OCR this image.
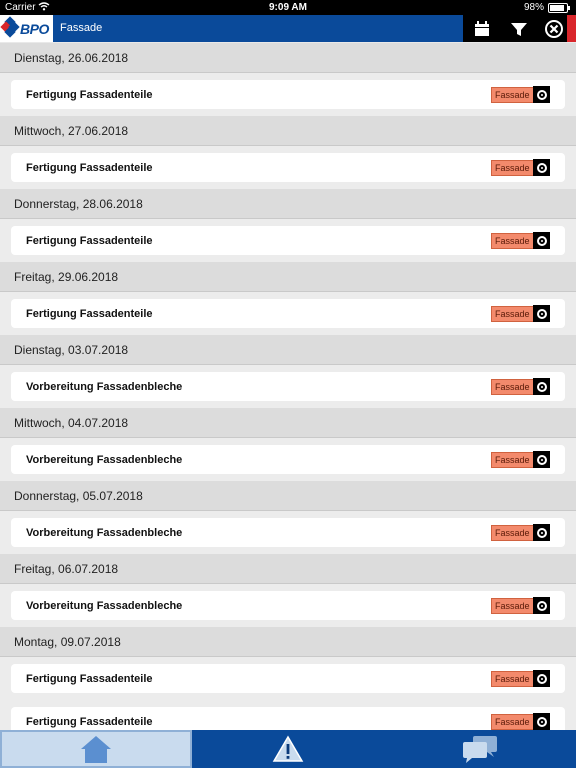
Carrier	9:09 AM	98%
BPO Fassade
Dienstag, 26.06.2018
Fertigung Fassadenteile	Fassade
Mittwoch, 27.06.2018
Fertigung Fassadenteile	Fassade
Donnerstag, 28.06.2018
Fertigung Fassadenteile	Fassade
Freitag, 29.06.2018
Fertigung Fassadenteile	Fassade
Dienstag, 03.07.2018
Vorbereitung Fassadenbleche	Fassade
Mittwoch, 04.07.2018
Vorbereitung Fassadenbleche	Fassade
Donnerstag, 05.07.2018
Vorbereitung Fassadenbleche	Fassade
Freitag, 06.07.2018
Vorbereitung Fassadenbleche	Fassade
Montag, 09.07.2018
Fertigung Fassadenteile	Fassade
Fertigung Fassadenteile	Fassade
